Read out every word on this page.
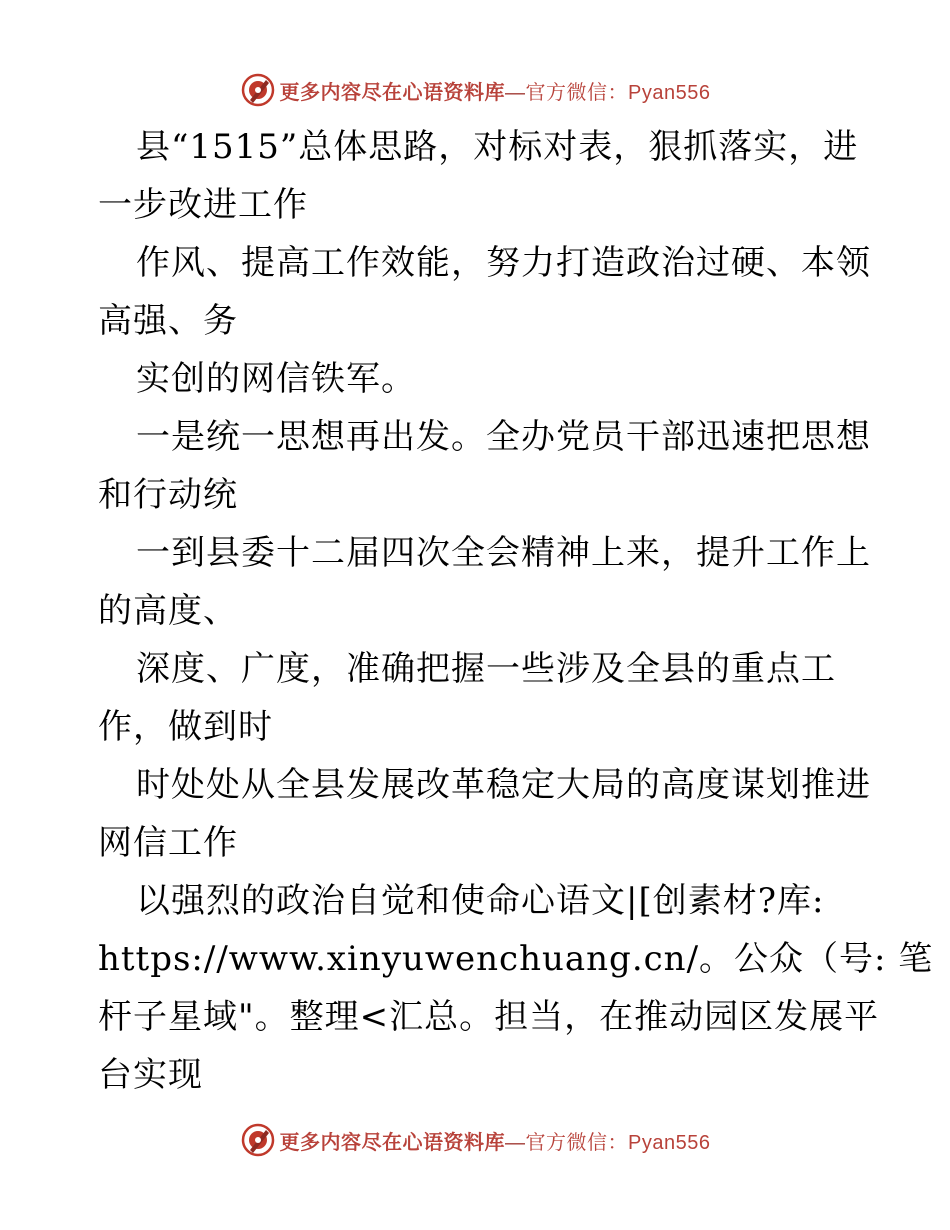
更多内容尽在心语资料库—官方微信：Pyan556
县“1515”总体思路，对标对表，狠抓落实，进
一步改进工作
作风、提高工作效能，努力打造政治过硬、本领
高强、务
实创的网信铁军。
一是统一思想再出发。全办党员干部迅速把思想
和行动统
一到县委十二届四次全会精神上来，提升工作上
的高度、
深度、广度，准确把握一些涉及全县的重点工
作，做到时
时处处从全县发展改革稳定大局的高度谋划推进
网信工作
以强烈的政治自觉和使命心语文|[创素材?库:
https://www.xinyuwenchuang.cn/。公众（号: 笔
杆子星域"。整理<汇总。担当，在推动园区发展平
台实现
更多内容尽在心语资料库—官方微信：Pyan556
